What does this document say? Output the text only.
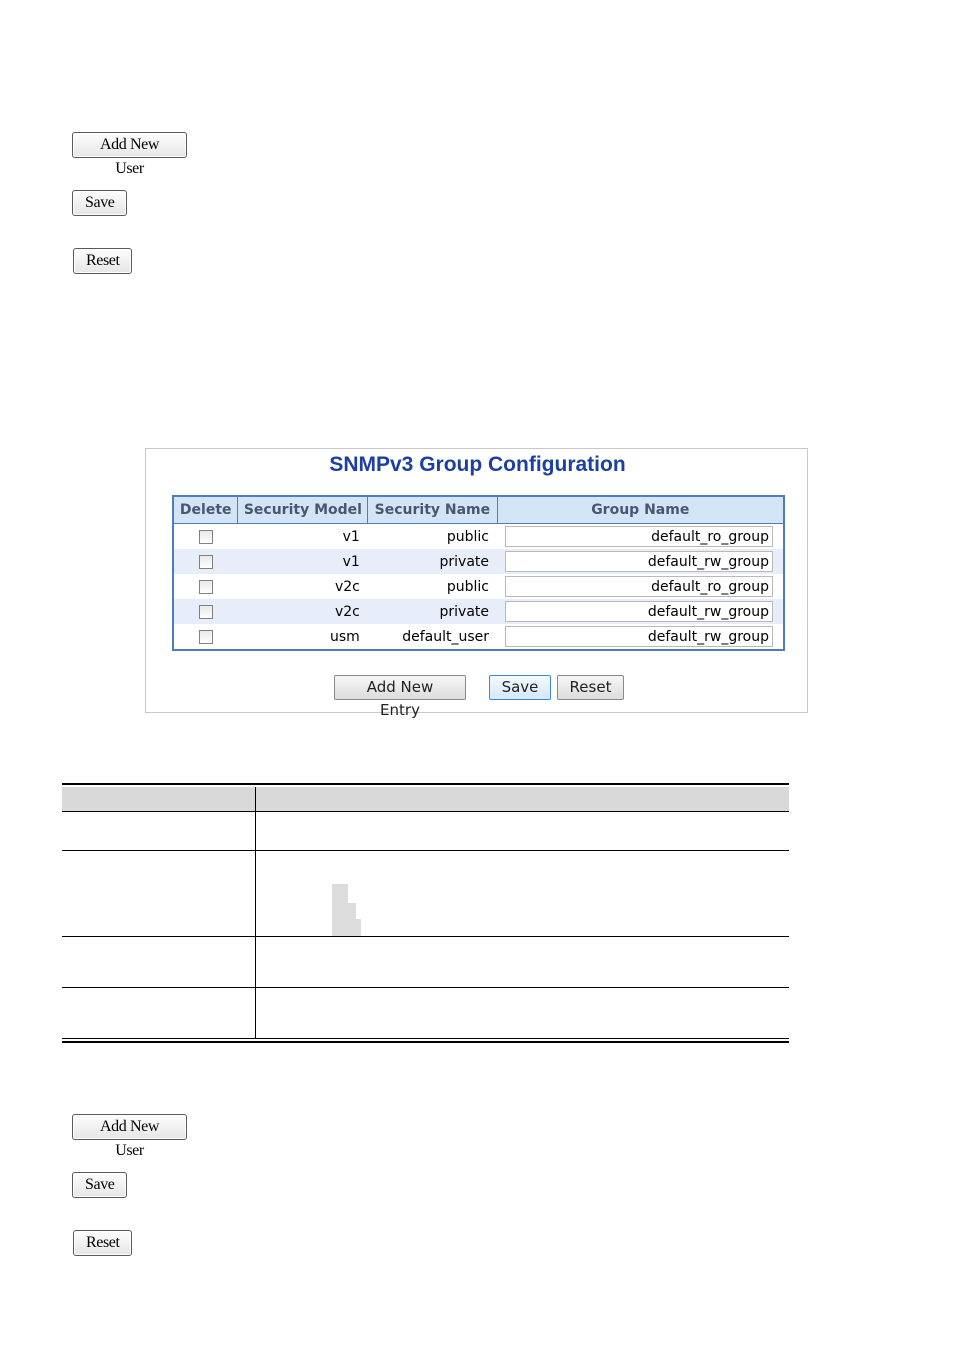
Add New User
Save
Reset
SNMPv3 Group Configuration
Delete	Security Model	Security Name	Group Name
	v1	public	default_ro_group

	v1	private	default_rw_group

	v2c	public	default_ro_group

	v2c	private	default_rw_group

	usm	default_user	default_rw_group
Add New Entry
Save	Reset
Add New User
Save
Reset
